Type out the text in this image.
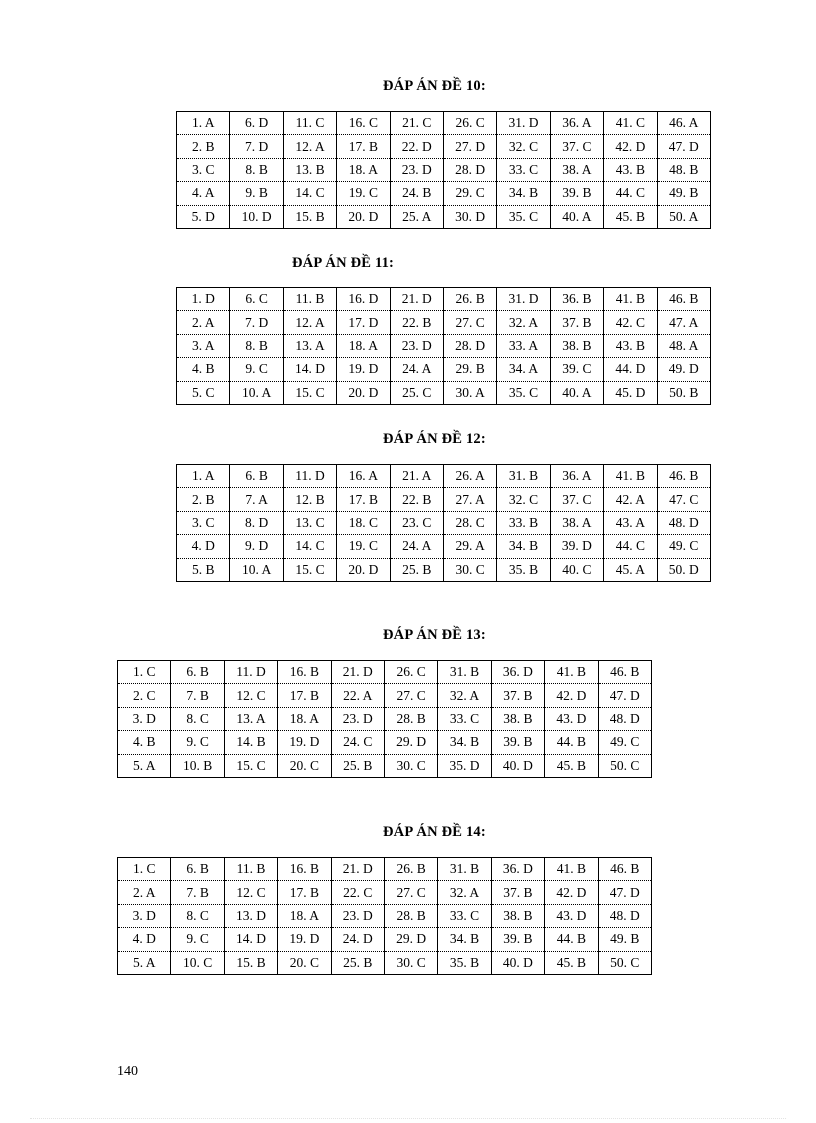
ĐÁP ÁN ĐỀ 10:
1. A	6. D	11. C	16. C	21. C	26. C	31. D	36. A	41. C	46. A
2. B	7. D	12. A	17. B	22. D	27. D	32. C	37. C	42. D	47. D
3. C	8. B	13. B	18. A	23. D	28. D	33. C	38. A	43. B	48. B
4. A	9. B	14. C	19. C	24. B	29. C	34. B	39. B	44. C	49. B
5. D	10. D	15. B	20. D	25. A	30. D	35. C	40. A	45. B	50. A
ĐÁP ÁN ĐỀ 11:
1. D	6. C	11. B	16. D	21. D	26. B	31. D	36. B	41. B	46. B
2. A	7. D	12. A	17. D	22. B	27. C	32. A	37. B	42. C	47. A
3. A	8. B	13. A	18. A	23. D	28. D	33. A	38. B	43. B	48. A
4. B	9. C	14. D	19. D	24. A	29. B	34. A	39. C	44. D	49. D
5. C	10. A	15. C	20. D	25. C	30. A	35. C	40. A	45. D	50. B
ĐÁP ÁN ĐỀ 12:
1. A	6. B	11. D	16. A	21. A	26. A	31. B	36. A	41. B	46. B
2. B	7. A	12. B	17. B	22. B	27. A	32. C	37. C	42. A	47. C
3. C	8. D	13. C	18. C	23. C	28. C	33. B	38. A	43. A	48. D
4. D	9. D	14. C	19. C	24. A	29. A	34. B	39. D	44. C	49. C
5. B	10. A	15. C	20. D	25. B	30. C	35. B	40. C	45. A	50. D
ĐÁP ÁN ĐỀ 13:
1. C	6. B	11. D	16. B	21. D	26. C	31. B	36. D	41. B	46. B
2. C	7. B	12. C	17. B	22. A	27. C	32. A	37. B	42. D	47. D
3. D	8. C	13. A	18. A	23. D	28. B	33. C	38. B	43. D	48. D
4. B	9. C	14. B	19. D	24. C	29. D	34. B	39. B	44. B	49. C
5. A	10. B	15. C	20. C	25. B	30. C	35. D	40. D	45. B	50. C
ĐÁP ÁN ĐỀ 14:
1. C	6. B	11. B	16. B	21. D	26. B	31. B	36. D	41. B	46. B
2. A	7. B	12. C	17. B	22. C	27. C	32. A	37. B	42. D	47. D
3. D	8. C	13. D	18. A	23. D	28. B	33. C	38. B	43. D	48. D
4. D	9. C	14. D	19. D	24. D	29. D	34. B	39. B	44. B	49. B
5. A	10. C	15. B	20. C	25. B	30. C	35. B	40. D	45. B	50. C
140
